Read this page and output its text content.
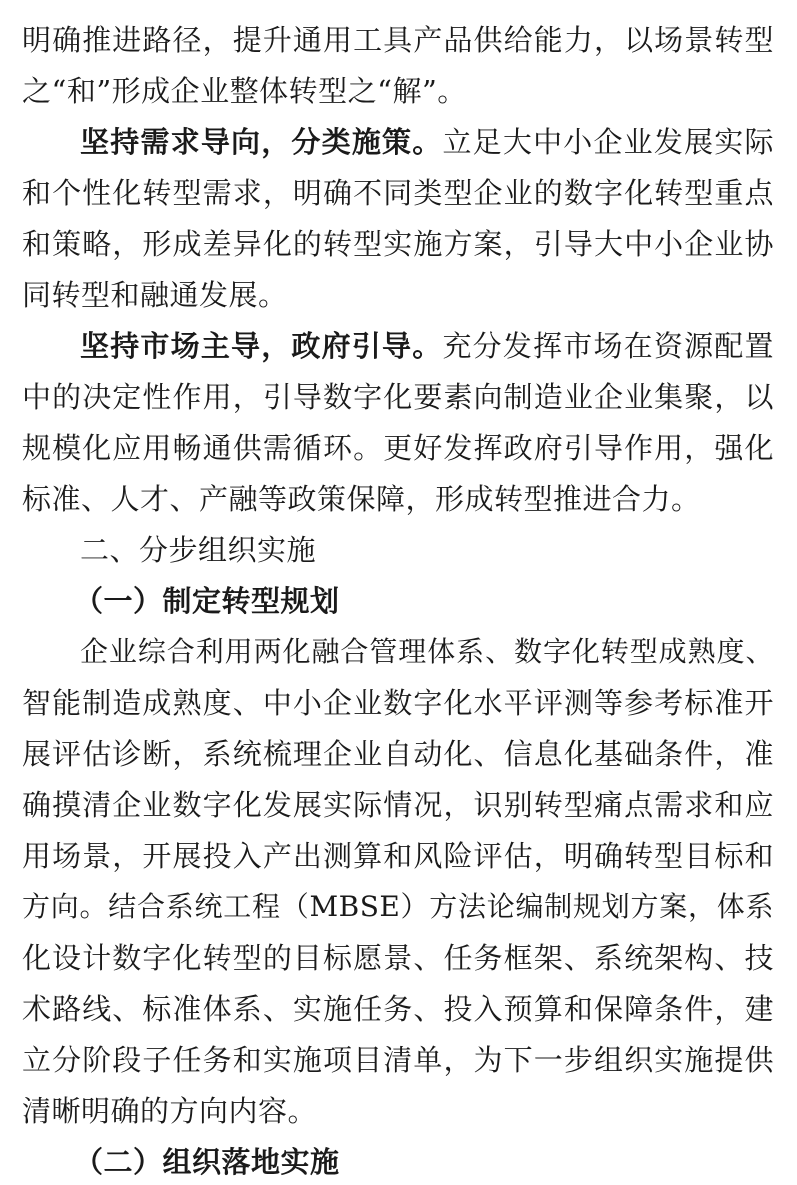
明确推进路径，提升通用工具产品供给能力，以场景转型
之“和”形成企业整体转型之“解”。
坚持需求导向，分类施策。立足大中小企业发展实际
和个性化转型需求，明确不同类型企业的数字化转型重点
和策略，形成差异化的转型实施方案，引导大中小企业协
同转型和融通发展。
坚持市场主导，政府引导。充分发挥市场在资源配置
中的决定性作用，引导数字化要素向制造业企业集聚，以
规模化应用畅通供需循环。更好发挥政府引导作用，强化
标准、人才、产融等政策保障，形成转型推进合力。
二、分步组织实施
（一）制定转型规划
企业综合利用两化融合管理体系、数字化转型成熟度、
智能制造成熟度、中小企业数字化水平评测等参考标准开
展评估诊断，系统梳理企业自动化、信息化基础条件，准
确摸清企业数字化发展实际情况，识别转型痛点需求和应
用场景，开展投入产出测算和风险评估，明确转型目标和
方向。结合系统工程（MBSE）方法论编制规划方案，体系
化设计数字化转型的目标愿景、任务框架、系统架构、技
术路线、标准体系、实施任务、投入预算和保障条件，建
立分阶段子任务和实施项目清单，为下一步组织实施提供
清晰明确的方向内容。
（二）组织落地实施
